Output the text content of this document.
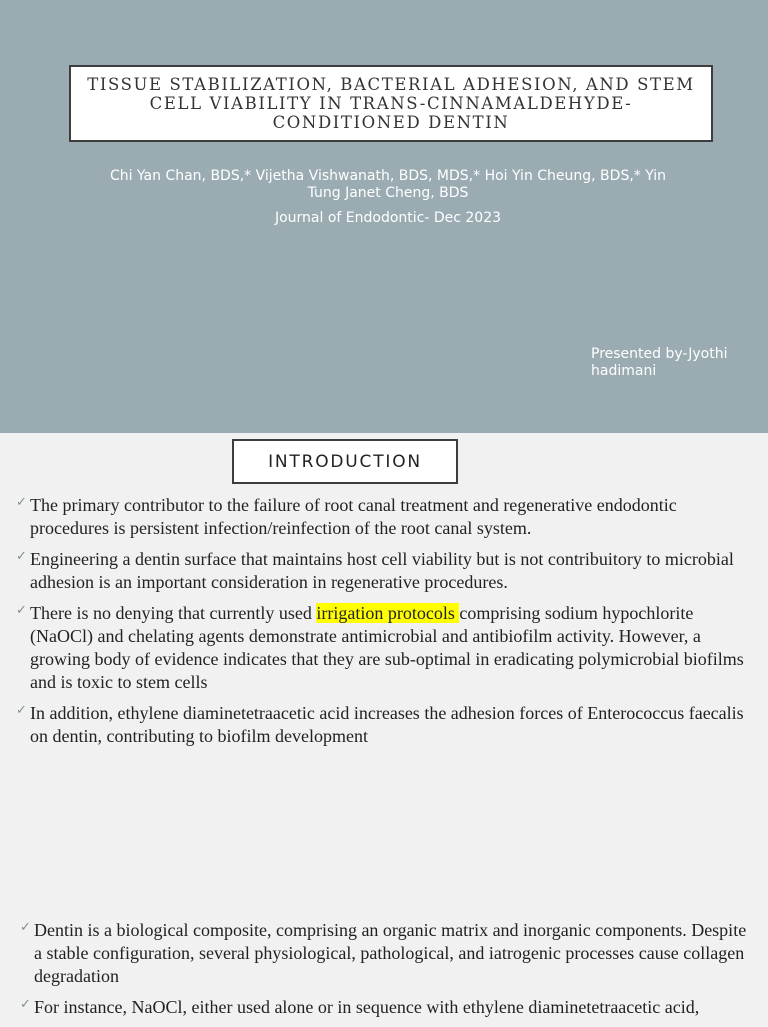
TISSUE STABILIZATION, BACTERIAL ADHESION, AND STEM CELL VIABILITY IN TRANS-CINNAMALDEHYDE-CONDITIONED DENTIN
Chi Yan Chan, BDS,* Vijetha Vishwanath, BDS, MDS,* Hoi Yin Cheung, BDS,* Yin Tung Janet Cheng, BDS
Journal of Endodontic- Dec 2023
Presented by-Jyothi hadimani
INTRODUCTION
✓ The primary contributor to the failure of root canal treatment and regenerative endodontic procedures is persistent infection/reinfection of the root canal system.
✓ Engineering a dentin surface that maintains host cell viability but is not contribuitory to microbial adhesion is an important consideration in regenerative procedures.
✓ There is no denying that currently used irrigation protocols comprising sodium hypochlorite (NaOCl) and chelating agents demonstrate antimicrobial and antibiofilm activity. However, a growing body of evidence indicates that they are sub-optimal in eradicating polymicrobial biofilms and is toxic to stem cells
✓ In addition, ethylene diaminetetraacetic acid increases the adhesion forces of Enterococcus faecalis on dentin, contributing to biofilm development
✓ Dentin is a biological composite, comprising an organic matrix and inorganic components. Despite a stable configuration, several physiological, pathological, and iatrogenic processes cause collagen degradation
✓ For instance, NaOCl, either used alone or in sequence with ethylene diaminetetraacetic acid,
